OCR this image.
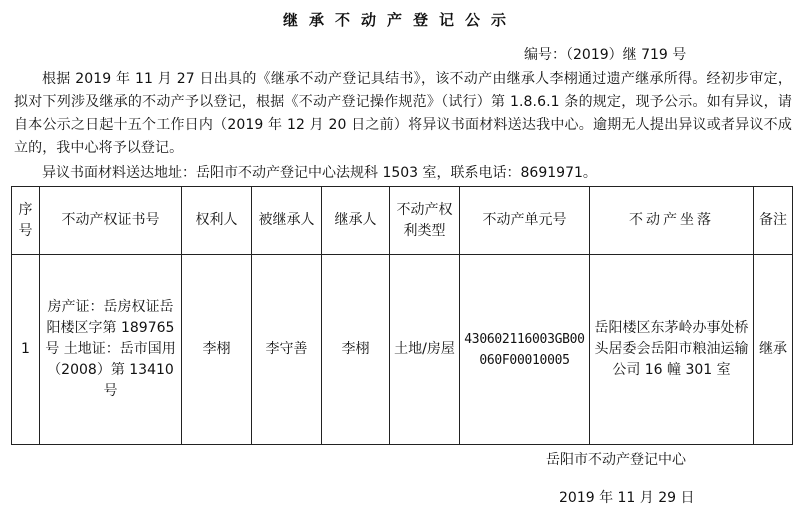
继承不动产登记公示
编号：（2019）继 719 号

根据 2019 年 11 月 27 日出具的《继承不动产登记具结书》，该不动产由继承人李栩通过遗产继承所得。经初步审定， 拟对下列涉及继承的不动产予以登记，根据《不动产登记操作规范》（试行）第 1.8.6.1 条的规定，现予公示。如有异议，请自本公示之日起十五个工作日内（2019 年 12 月 20 日之前）将异议书面材料送达我中心。逾期无人提出异议或者异议不成立的，我中心将予以登记。

异议书面材料送达地址：岳阳市不动产登记中心法规科 1503 室，联系电话：8691971。
序号	不动产权证书号	权利人	被继承人	继承人	不动产权利类型	不动产单元号	不动产坐落	备注
1	房产证：岳房权证岳阳楼区字第 189765 号 土地证：岳市国用（2008）第 13410 号	李栩	李守善	李栩	土地/房屋	430602116003GB00060F00010005	岳阳楼区东茅岭办事处桥头居委会岳阳市粮油运输公司 16 幢 301 室	继承
岳阳市不动产登记中心
2019 年 11 月 29 日
